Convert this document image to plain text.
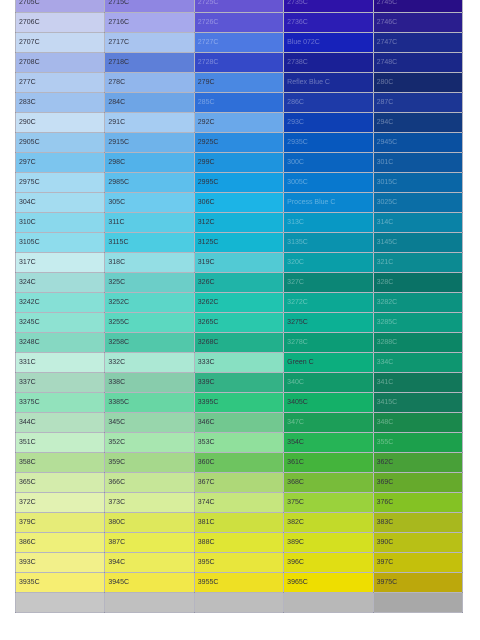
2705C	2715C	2725C	2735C	2745C
2706C	2716C	2726C	2736C	2746C
2707C	2717C	2727C	Blue 072C	2747C
2708C	2718C	2728C	2738C	2748C
277C	278C	279C	Reflex Blue C	280C
283C	284C	285C	286C	287C
290C	291C	292C	293C	294C
2905C	2915C	2925C	2935C	2945C
297C	298C	299C	300C	301C
2975C	2985C	2995C	3005C	3015C
304C	305C	306C	Process Blue C	3025C
310C	311C	312C	313C	314C
3105C	3115C	3125C	3135C	3145C
317C	318C	319C	320C	321C
324C	325C	326C	327C	328C
3242C	3252C	3262C	3272C	3282C
3245C	3255C	3265C	3275C	3285C
3248C	3258C	3268C	3278C	3288C
331C	332C	333C	Green C	334C
337C	338C	339C	340C	341C
3375C	3385C	3395C	3405C	3415C
344C	345C	346C	347C	348C
351C	352C	353C	354C	355C
358C	359C	360C	361C	362C
365C	366C	367C	368C	369C
372C	373C	374C	375C	376C
379C	380C	381C	382C	383C
386C	387C	388C	389C	390C
393C	394C	395C	396C	397C
3935C	3945C	3955C	3965C	3975C
